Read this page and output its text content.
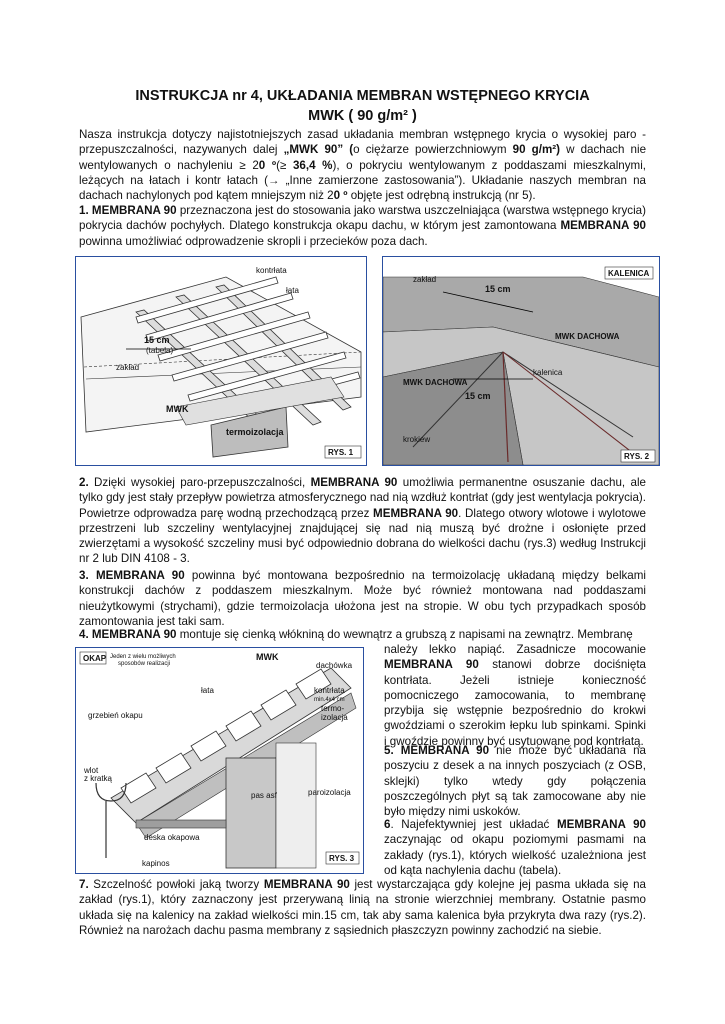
INSTRUKCJA nr 4, UKŁADANIA MEMBRAN WSTĘPNEGO KRYCIA
MWK ( 90 g/m² )

Nasza instrukcja dotyczy najistotniejszych zasad układania membran wstępnego krycia o wysokiej paro - przepuszczalności, nazywanych dalej „MWK 90” (o ciężarze powierzchniowym 90 g/m²) w dachach nie wentylowanych o nachyleniu ≥ 20 º(≥ 36,4 %), o pokryciu wentylowanym z poddaszami mieszkalnymi, leżących na łatach i kontr łatach (→ „Inne zamierzone zastosowania”). Układanie naszych membran na dachach nachylonych pod kątem mniejszym niż 20 º objęte jest odrębną instrukcją (nr 5).

1. MEMBRANA 90 przeznaczona jest do stosowania jako warstwa uszczelniająca (warstwa wstępnego krycia) pokrycia dachów pochyłych. Dlatego konstrukcja okapu dachu, w którym jest zamontowana MEMBRANA 90 powinna umożliwiać odprowadzenie skropli i przecieków poza dach.

15 cm
(tabela)
zakład
kontrłata
łata
MWK
termoizolacja
RYS. 1
zakład
15 cm
KALENICA
MWK DACHOWA
MWK DACHOWA
kalenica
15 cm
krokiew
RYS. 2

2. Dzięki wysokiej paro-przepuszczalności, MEMBRANA 90 umożliwia permanentne osuszanie dachu, ale tylko gdy jest stały przepływ powietrza atmosferycznego nad nią wzdłuż kontrłat (gdy jest wentylacja pokrycia). Powietrze odprowadza parę wodną przechodzącą przez MEMBRANA 90. Dlatego otwory wlotowe i wylotowe przestrzeni lub szczeliny wentylacyjnej znajdującej się nad nią muszą być drożne i osłonięte przed zwierzętami a wysokość szczeliny musi być odpowiednio dobrana do wielkości dachu (rys.3) według Instrukcji nr 2 lub DIN 4108 - 3.

3. MEMBRANA 90 powinna być montowana bezpośrednio na termoizolację układaną między belkami konstrukcji dachów z poddaszem mieszkalnym. Może być również montowana nad poddaszami nieużytkowymi (strychami), gdzie termoizolacja ułożona jest na stropie. W obu tych przypadkach sposób zamontowania jest taki sam.

4. MEMBRANA 90 montuje się cienką włókniną do wewnątrz a grubszą z napisami na zewnątrz. Membranę

OKAP Jeden z wielu możliwych
sposobów realizacji
MWK
dachówka
łata	kontrłata
min.4x4 cm
termo-
izolacja
grzebień okapu
wlot
z kratką
pas asf	paroizolacja
deska okapowa
kapinos
RYS. 3

należy lekko napiąć. Zasadnicze mocowanie MEMBRANA 90 stanowi dobrze dociśnięta kontrłata. Jeżeli istnieje konieczność pomocniczego zamocowania, to membranę przybija się wstępnie bezpośrednio do krokwi gwoździami o szerokim łepku lub spinkami. Spinki i gwoździe powinny być usytuowane pod kontrłatą.

5. MEMBRANA 90 nie może być układana na poszyciu z desek a na innych poszyciach (z OSB, sklejki) tylko wtedy gdy połączenia poszczególnych płyt są tak zamocowane aby nie było między nimi uskoków.

6. Najefektywniej jest układać MEMBRANA 90 zaczynając od okapu poziomymi pasmami na zakłady (rys.1), których wielkość uzależniona jest od kąta nachylenia dachu (tabela).

7. Szczelność powłoki jaką tworzy MEMBRANA 90 jest wystarczająca gdy kolejne jej pasma układa się na zakład (rys.1), który zaznaczony jest przerywaną linią na stronie wierzchniej membrany. Ostatnie pasmo układa się na kalenicy na zakład wielkości min.15 cm, tak aby sama kalenica była przykryta dwa razy (rys.2). Również na narożach dachu pasma membrany z sąsiednich płaszczyzn powinny zachodzić na siebie.
